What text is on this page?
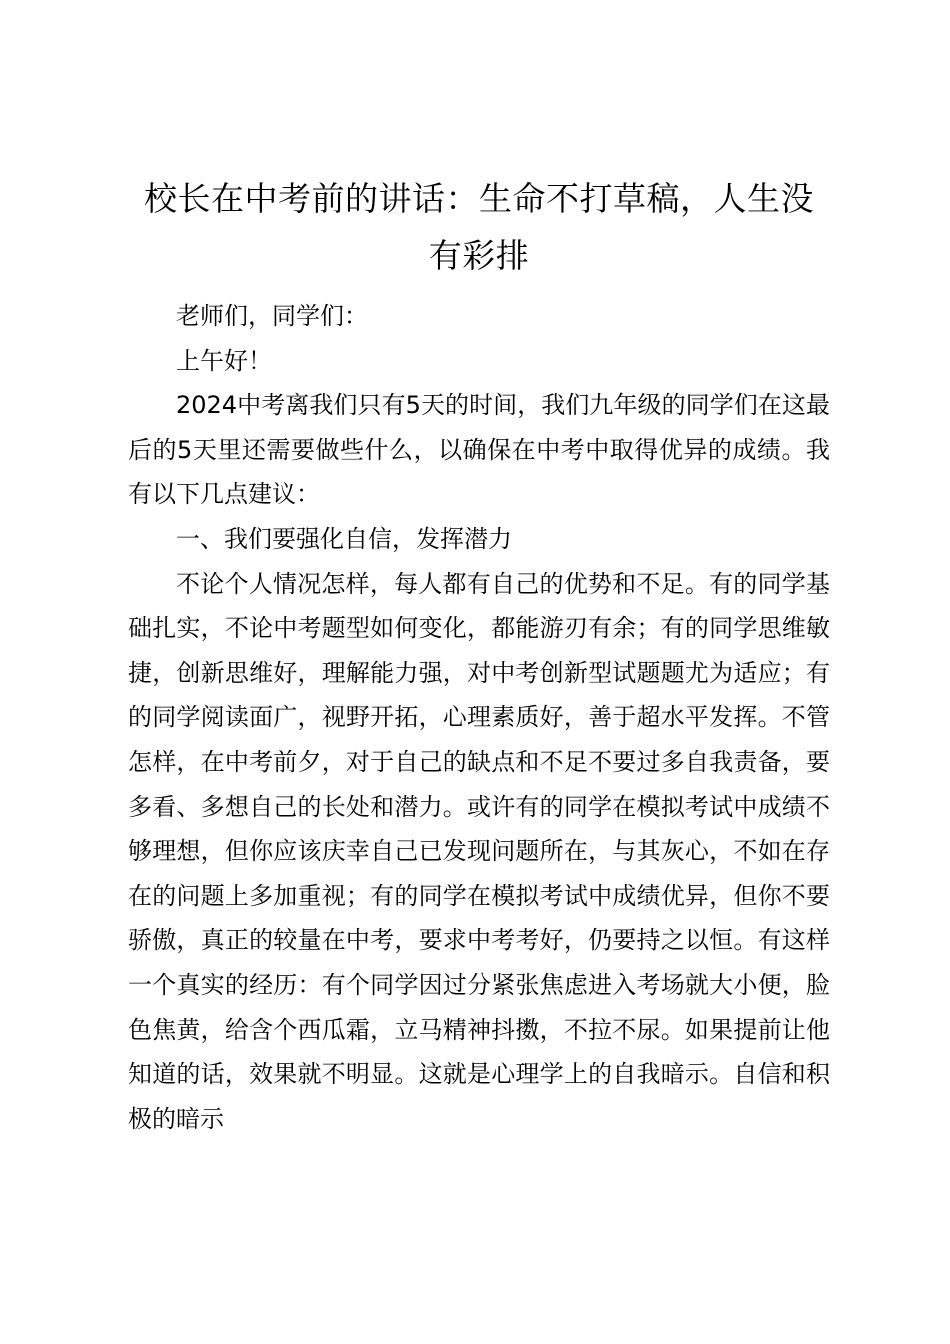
校长在中考前的讲话：生命不打草稿，人生没有彩排

老师们，同学们：

上午好！

2024中考离我们只有5天的时间，我们九年级的同学们在这最后的5天里还需要做些什么，以确保在中考中取得优异的成绩。我有以下几点建议：

一、我们要强化自信，发挥潜力

不论个人情况怎样，每人都有自己的优势和不足。有的同学基础扎实，不论中考题型如何变化，都能游刃有余；有的同学思维敏捷，创新思维好，理解能力强，对中考创新型试题题尤为适应；有的同学阅读面广，视野开拓，心理素质好，善于超水平发挥。不管怎样，在中考前夕，对于自己的缺点和不足不要过多自我责备，要多看、多想自己的长处和潜力。或许有的同学在模拟考试中成绩不够理想，但你应该庆幸自己已发现问题所在，与其灰心，不如在存在的问题上多加重视；有的同学在模拟考试中成绩优异，但你不要骄傲，真正的较量在中考，要求中考考好，仍要持之以恒。有这样一个真实的经历：有个同学因过分紧张焦虑进入考场就大小便，脸色焦黄，给含个西瓜霜，立马精神抖擞，不拉不尿。如果提前让他知道的话，效果就不明显。这就是心理学上的自我暗示。自信和积极的暗示
